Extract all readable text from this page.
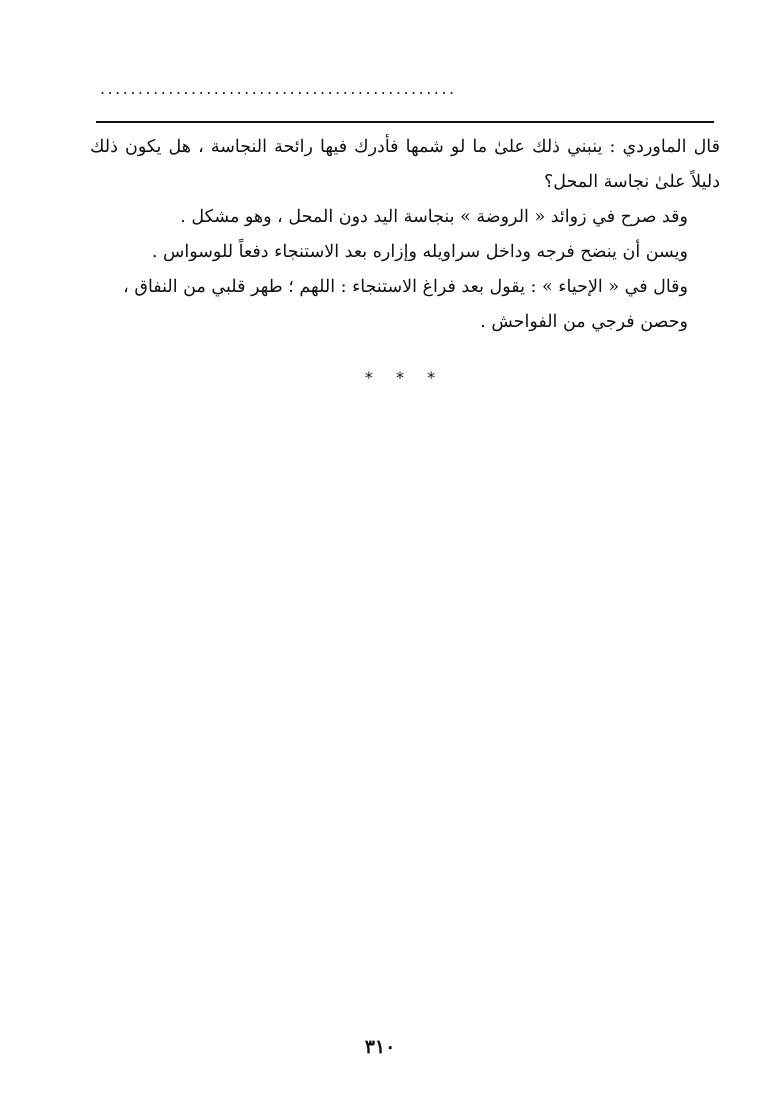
...............................................

قال الماوردي : ينبني ذلك علىٰ ما لو شمها فأدرك فيها رائحة النجاسة ، هل يكون ذلك دليلاً علىٰ نجاسة المحل؟

وقد صرح في زوائد « الروضة » بنجاسة اليد دون المحل ، وهو مشكل .

ويسن أن ينضح فرجه وداخل سراويله وإزاره بعد الاستنجاء دفعاً للوسواس .

وقال في « الإحياء » : يقول بعد فراغ الاستنجاء : اللهم ؛ طهر قلبي من النفاق ، وحصن فرجي من الفواحش .

* * *
٣١٠
